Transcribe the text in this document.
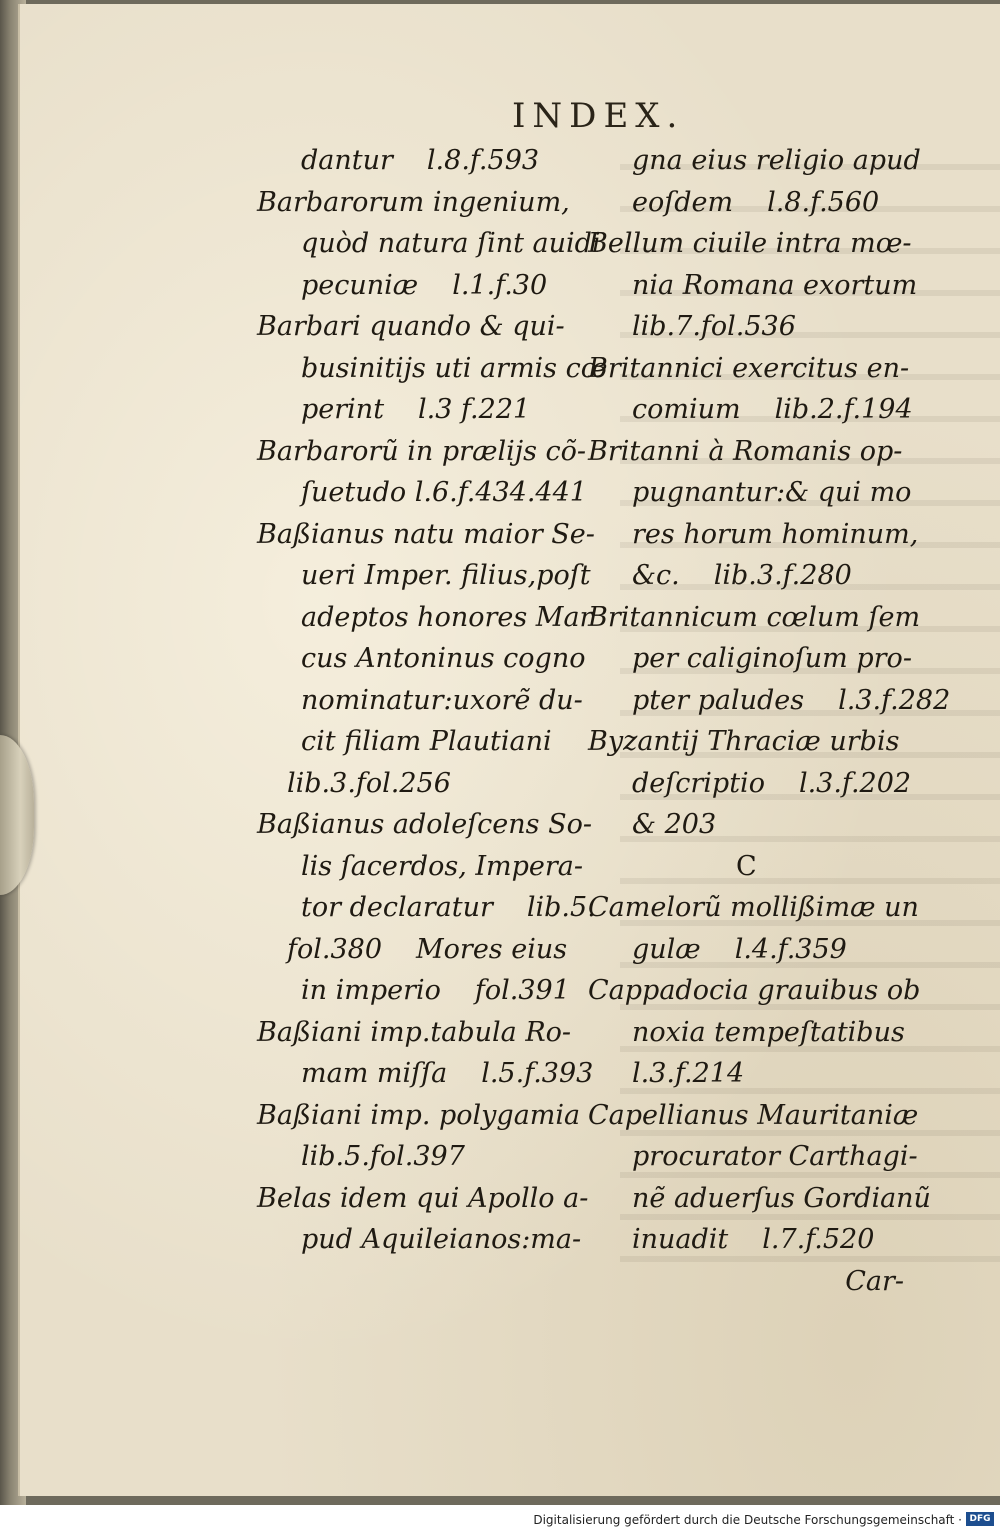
INDEX.
dantur l.8.f.593
Barbarorum ingenium,
quòd natura ſint auidi
pecuniæ l.1.f.30
Barbari quando & qui-
businitijs uti armis cœ
perint l.3 f.221
Barbarorũ in prælijs cõ-
ſuetudo l.6.f.434.441
Baßianus natu maior Se-
ueri Imper. filius,poſt
adeptos honores Mar
cus Antoninus cogno
nominatur:uxorẽ du-
cit filiam Plautiani
lib.3.fol.256
Baßianus adoleſcens So-
lis ſacerdos, Impera-
tor declaratur lib.5.
fol.380 Mores eius
in imperio fol.391
Baßiani imp.tabula Ro-
mam miſſa l.5.f.393
Baßiani imp. polygamia
lib.5.fol.397
Belas idem qui Apollo a-
pud Aquileianos:ma-
gna eius religio apud
eoſdem l.8.f.560
Bellum ciuile intra mœ-
nia Romana exortum
lib.7.fol.536
Britannici exercitus en-
comium lib.2.f.194
Britanni à Romanis op-
pugnantur:& qui mo
res horum hominum,
&c. lib.3.f.280
Britannicum cœlum ſem
per caliginoſum pro-
pter paludes l.3.f.282
Byzantij Thraciæ urbis
deſcriptio l.3.f.202
& 203
C
Camelorũ mollißimæ un
gulæ l.4.f.359
Cappadocia grauibus ob
noxia tempeſtatibus
l.3.f.214
Capellianus Mauritaniæ
procurator Carthagi-
nẽ aduerſus Gordianũ
inuadit l.7.f.520
Car-
Digitalisierung gefördert durch die Deutsche Forschungsgemeinschaft · DFG
